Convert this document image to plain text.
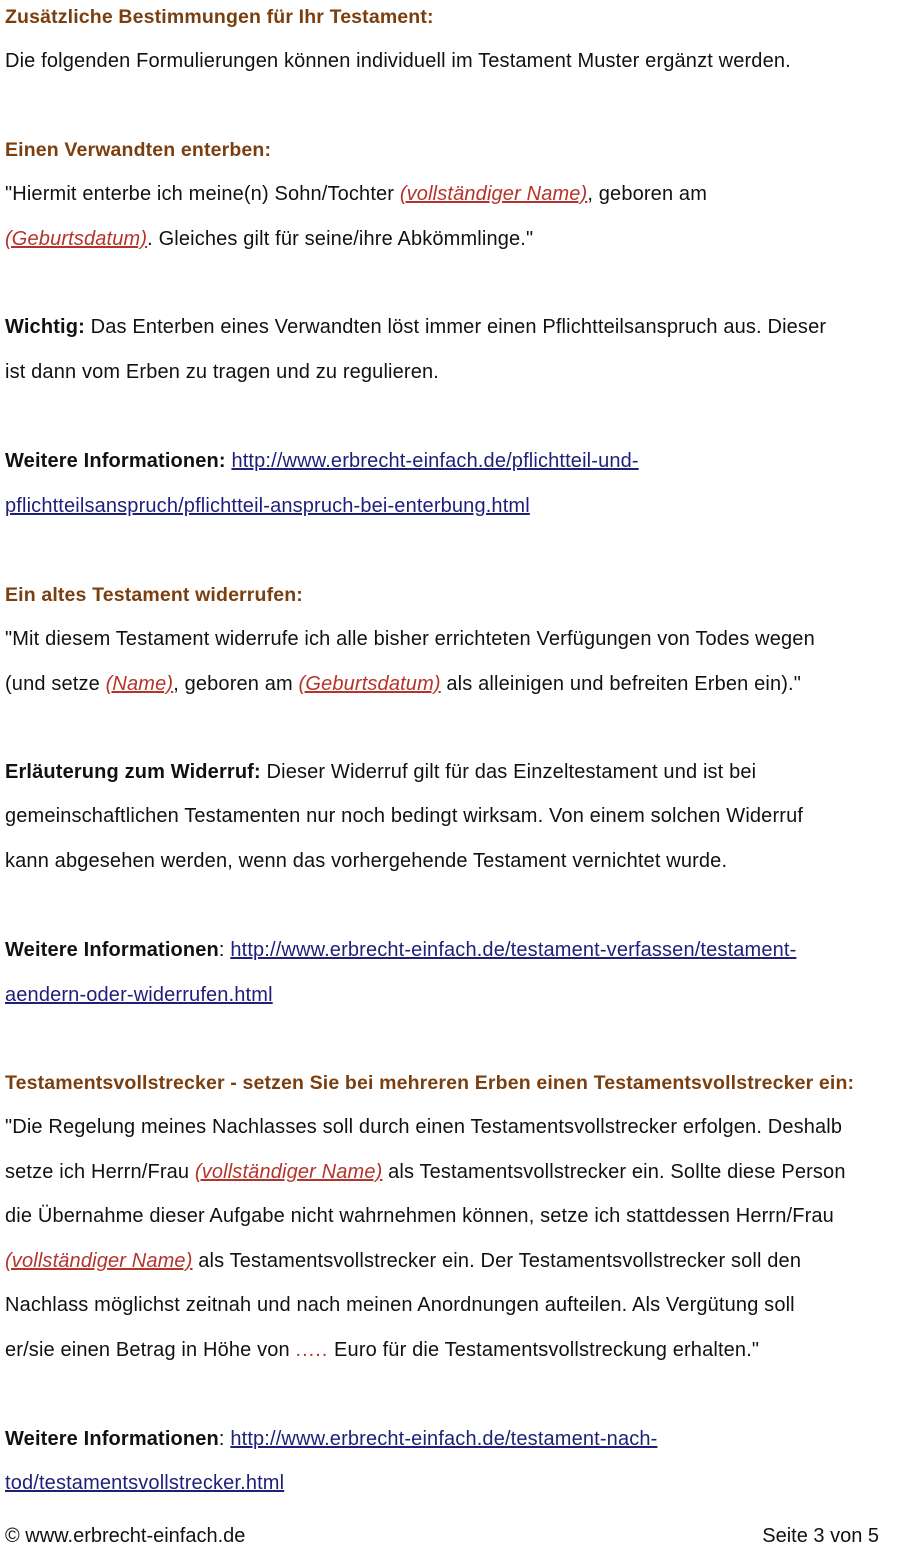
Zusätzliche Bestimmungen für Ihr Testament:
Die folgenden Formulierungen können individuell im Testament Muster ergänzt werden.
Einen Verwandten enterben:
"Hiermit enterbe ich meine(n) Sohn/Tochter (vollständiger Name), geboren am
(Geburtsdatum). Gleiches gilt für seine/ihre Abkömmlinge."
Wichtig: Das Enterben eines Verwandten löst immer einen Pflichtteilsanspruch aus. Dieser
ist dann vom Erben zu tragen und zu regulieren.
Weitere Informationen: http://www.erbrecht-einfach.de/pflichtteil-und-
pflichtteilsanspruch/pflichtteil-anspruch-bei-enterbung.html
Ein altes Testament widerrufen:
"Mit diesem Testament widerrufe ich alle bisher errichteten Verfügungen von Todes wegen
(und setze (Name), geboren am (Geburtsdatum) als alleinigen und befreiten Erben ein)."
Erläuterung zum Widerruf: Dieser Widerruf gilt für das Einzeltestament und ist bei
gemeinschaftlichen Testamenten nur noch bedingt wirksam. Von einem solchen Widerruf
kann abgesehen werden, wenn das vorhergehende Testament vernichtet wurde.
Weitere Informationen: http://www.erbrecht-einfach.de/testament-verfassen/testament-
aendern-oder-widerrufen.html
Testamentsvollstrecker - setzen Sie bei mehreren Erben einen Testamentsvollstrecker ein:
"Die Regelung meines Nachlasses soll durch einen Testamentsvollstrecker erfolgen. Deshalb
setze ich Herrn/Frau (vollständiger Name) als Testamentsvollstrecker ein. Sollte diese Person
die Übernahme dieser Aufgabe nicht wahrnehmen können, setze ich stattdessen Herrn/Frau
(vollständiger Name) als Testamentsvollstrecker ein. Der Testamentsvollstrecker soll den
Nachlass möglichst zeitnah und nach meinen Anordnungen aufteilen. Als Vergütung soll
er/sie einen Betrag in Höhe von ..... Euro für die Testamentsvollstreckung erhalten."
Weitere Informationen: http://www.erbrecht-einfach.de/testament-nach-
tod/testamentsvollstrecker.html
© www.erbrecht-einfach.de	Seite 3 von 5
